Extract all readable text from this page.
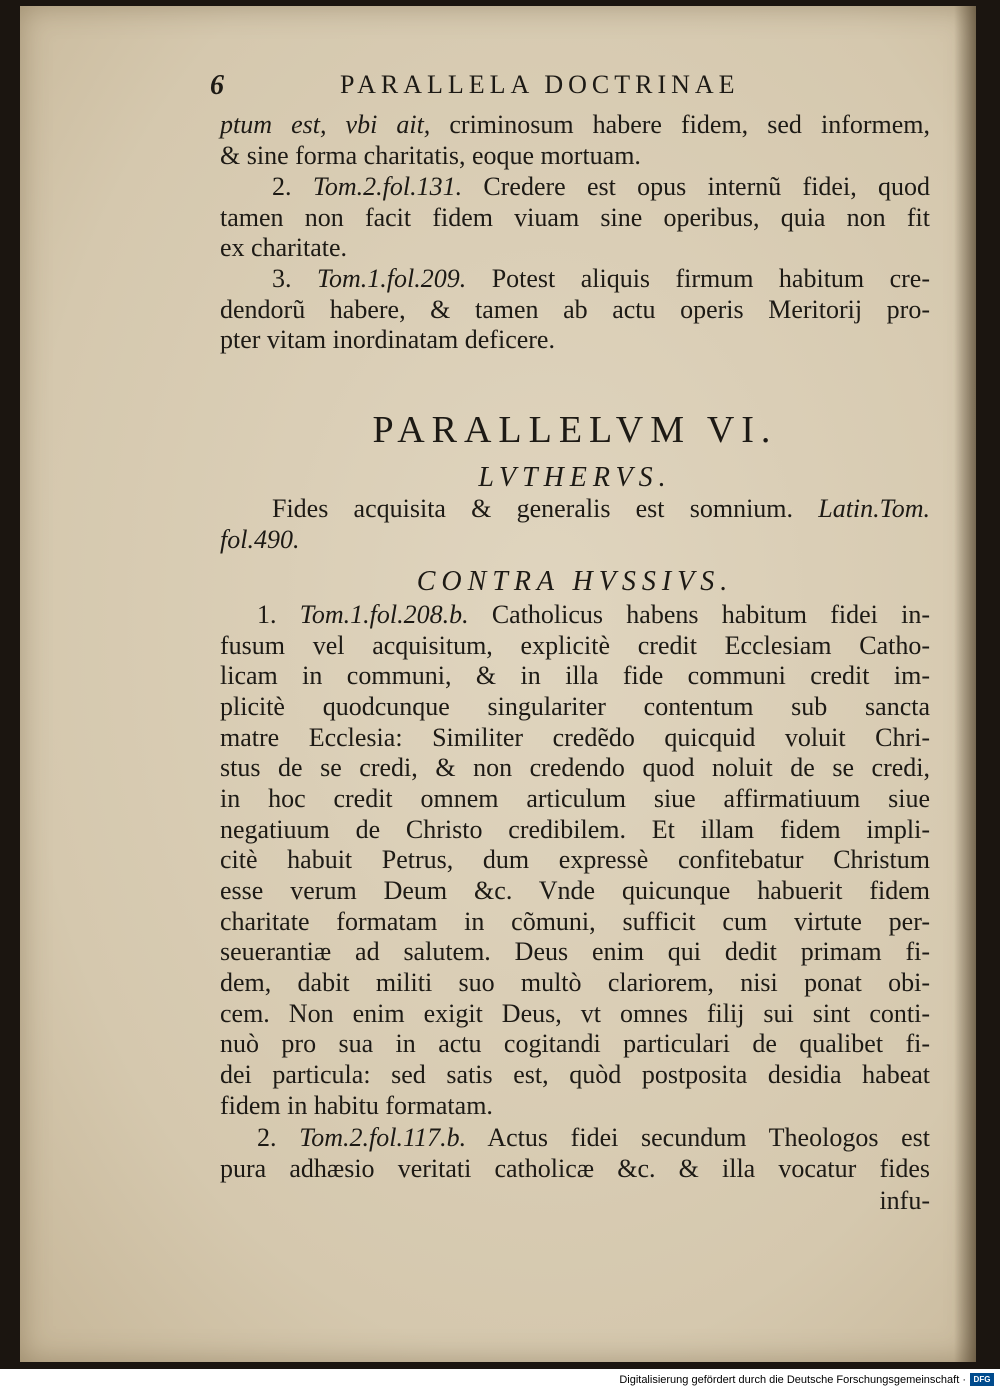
6	PARALLELA DOCTRINAE
ptum est, vbi ait, criminosum habere fidem, sed informem,
& sine forma charitatis, eoque mortuam.
2. Tom.2.fol.131. Credere est opus internũ fidei, quod
tamen non facit fidem viuam sine operibus, quia non fit
ex charitate.
3. Tom.1.fol.209. Potest aliquis firmum habitum cre-
dendorũ habere, & tamen ab actu operis Meritorij pro-
pter vitam inordinatam deficere.
PARALLELVM VI.
LVTHERVS.
Fides acquisita & generalis est somnium. Latin.Tom.
fol.490.
CONTRA HVSSIVS.
1. Tom.1.fol.208.b. Catholicus habens habitum fidei in-
fusum vel acquisitum, explicitè credit Ecclesiam Catho-
licam in communi, & in illa fide communi credit im-
plicitè quodcunque singulariter contentum sub sancta
matre Ecclesia: Similiter credẽdo quicquid voluit Chri-
stus de se credi, & non credendo quod noluit de se credi,
in hoc credit omnem articulum siue affirmatiuum siue
negatiuum de Christo credibilem. Et illam fidem impli-
citè habuit Petrus, dum expressè confitebatur Christum
esse verum Deum &c. Vnde quicunque habuerit fidem
charitate formatam in cõmuni, sufficit cum virtute per-
seuerantiæ ad salutem. Deus enim qui dedit primam fi-
dem, dabit militi suo multò clariorem, nisi ponat obi-
cem. Non enim exigit Deus, vt omnes filij sui sint conti-
nuò pro sua in actu cogitandi particulari de qualibet fi-
dei particula: sed satis est, quòd postposita desidia habeat
fidem in habitu formatam.
2. Tom.2.fol.117.b. Actus fidei secundum Theologos est
pura adhæsio veritati catholicæ &c. & illa vocatur fides
infu-
Digitalisierung gefördert durch die Deutsche Forschungsgemeinschaft · DFG
